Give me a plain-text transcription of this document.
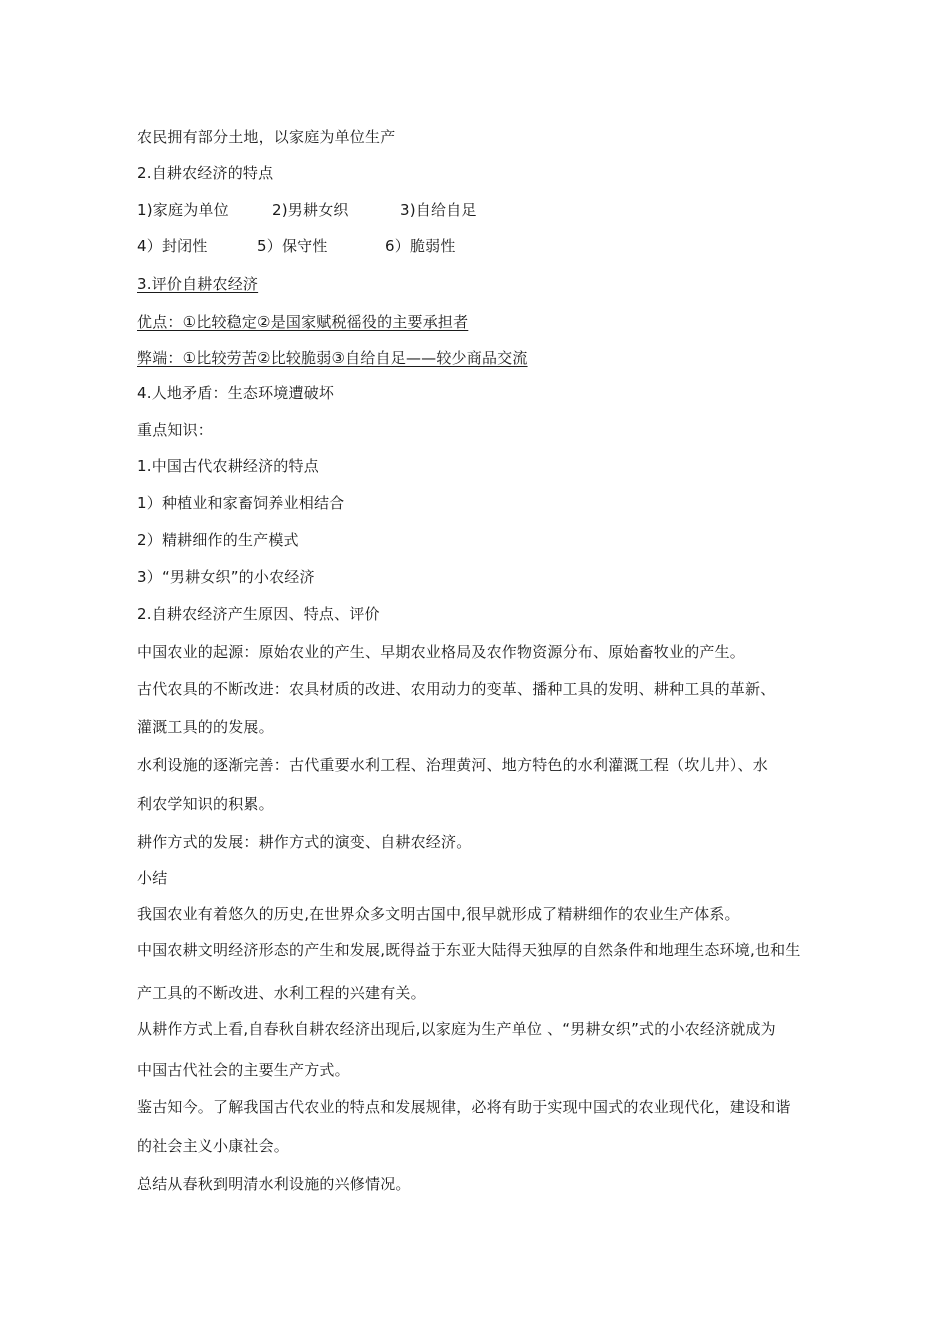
农民拥有部分土地，以家庭为单位生产
2.自耕农经济的特点
1)家庭为单位	2)男耕女织	3)自给自足
4）封闭性	5）保守性	6）脆弱性
3.评价自耕农经济
优点：①比较稳定②是国家赋税徭役的主要承担者
弊端：①比较劳苦②比较脆弱③自给自足——较少商品交流
4.人地矛盾：生态环境遭破坏
重点知识：
1.中国古代农耕经济的特点
1）种植业和家畜饲养业相结合
2）精耕细作的生产模式
3）“男耕女织”的小农经济
2.自耕农经济产生原因、特点、评价
中国农业的起源：原始农业的产生、早期农业格局及农作物资源分布、原始畜牧业的产生。
古代农具的不断改进：农具材质的改进、农用动力的变革、播种工具的发明、耕种工具的革新、
灌溉工具的的发展。
水利设施的逐渐完善：古代重要水利工程、治理黄河、地方特色的水利灌溉工程（坎儿井）、水
利农学知识的积累。
耕作方式的发展：耕作方式的演变、自耕农经济。
小结
我国农业有着悠久的历史,在世界众多文明古国中,很早就形成了精耕细作的农业生产体系。
中国农耕文明经济形态的产生和发展,既得益于东亚大陆得天独厚的自然条件和地理生态环境,也和生
产工具的不断改进、水利工程的兴建有关。
从耕作方式上看,自春秋自耕农经济出现后,以家庭为生产单位 、“男耕女织”式的小农经济就成为
中国古代社会的主要生产方式。
鉴古知今。了解我国古代农业的特点和发展规律，必将有助于实现中国式的农业现代化，建设和谐
的社会主义小康社会。
总结从春秋到明清水利设施的兴修情况。
